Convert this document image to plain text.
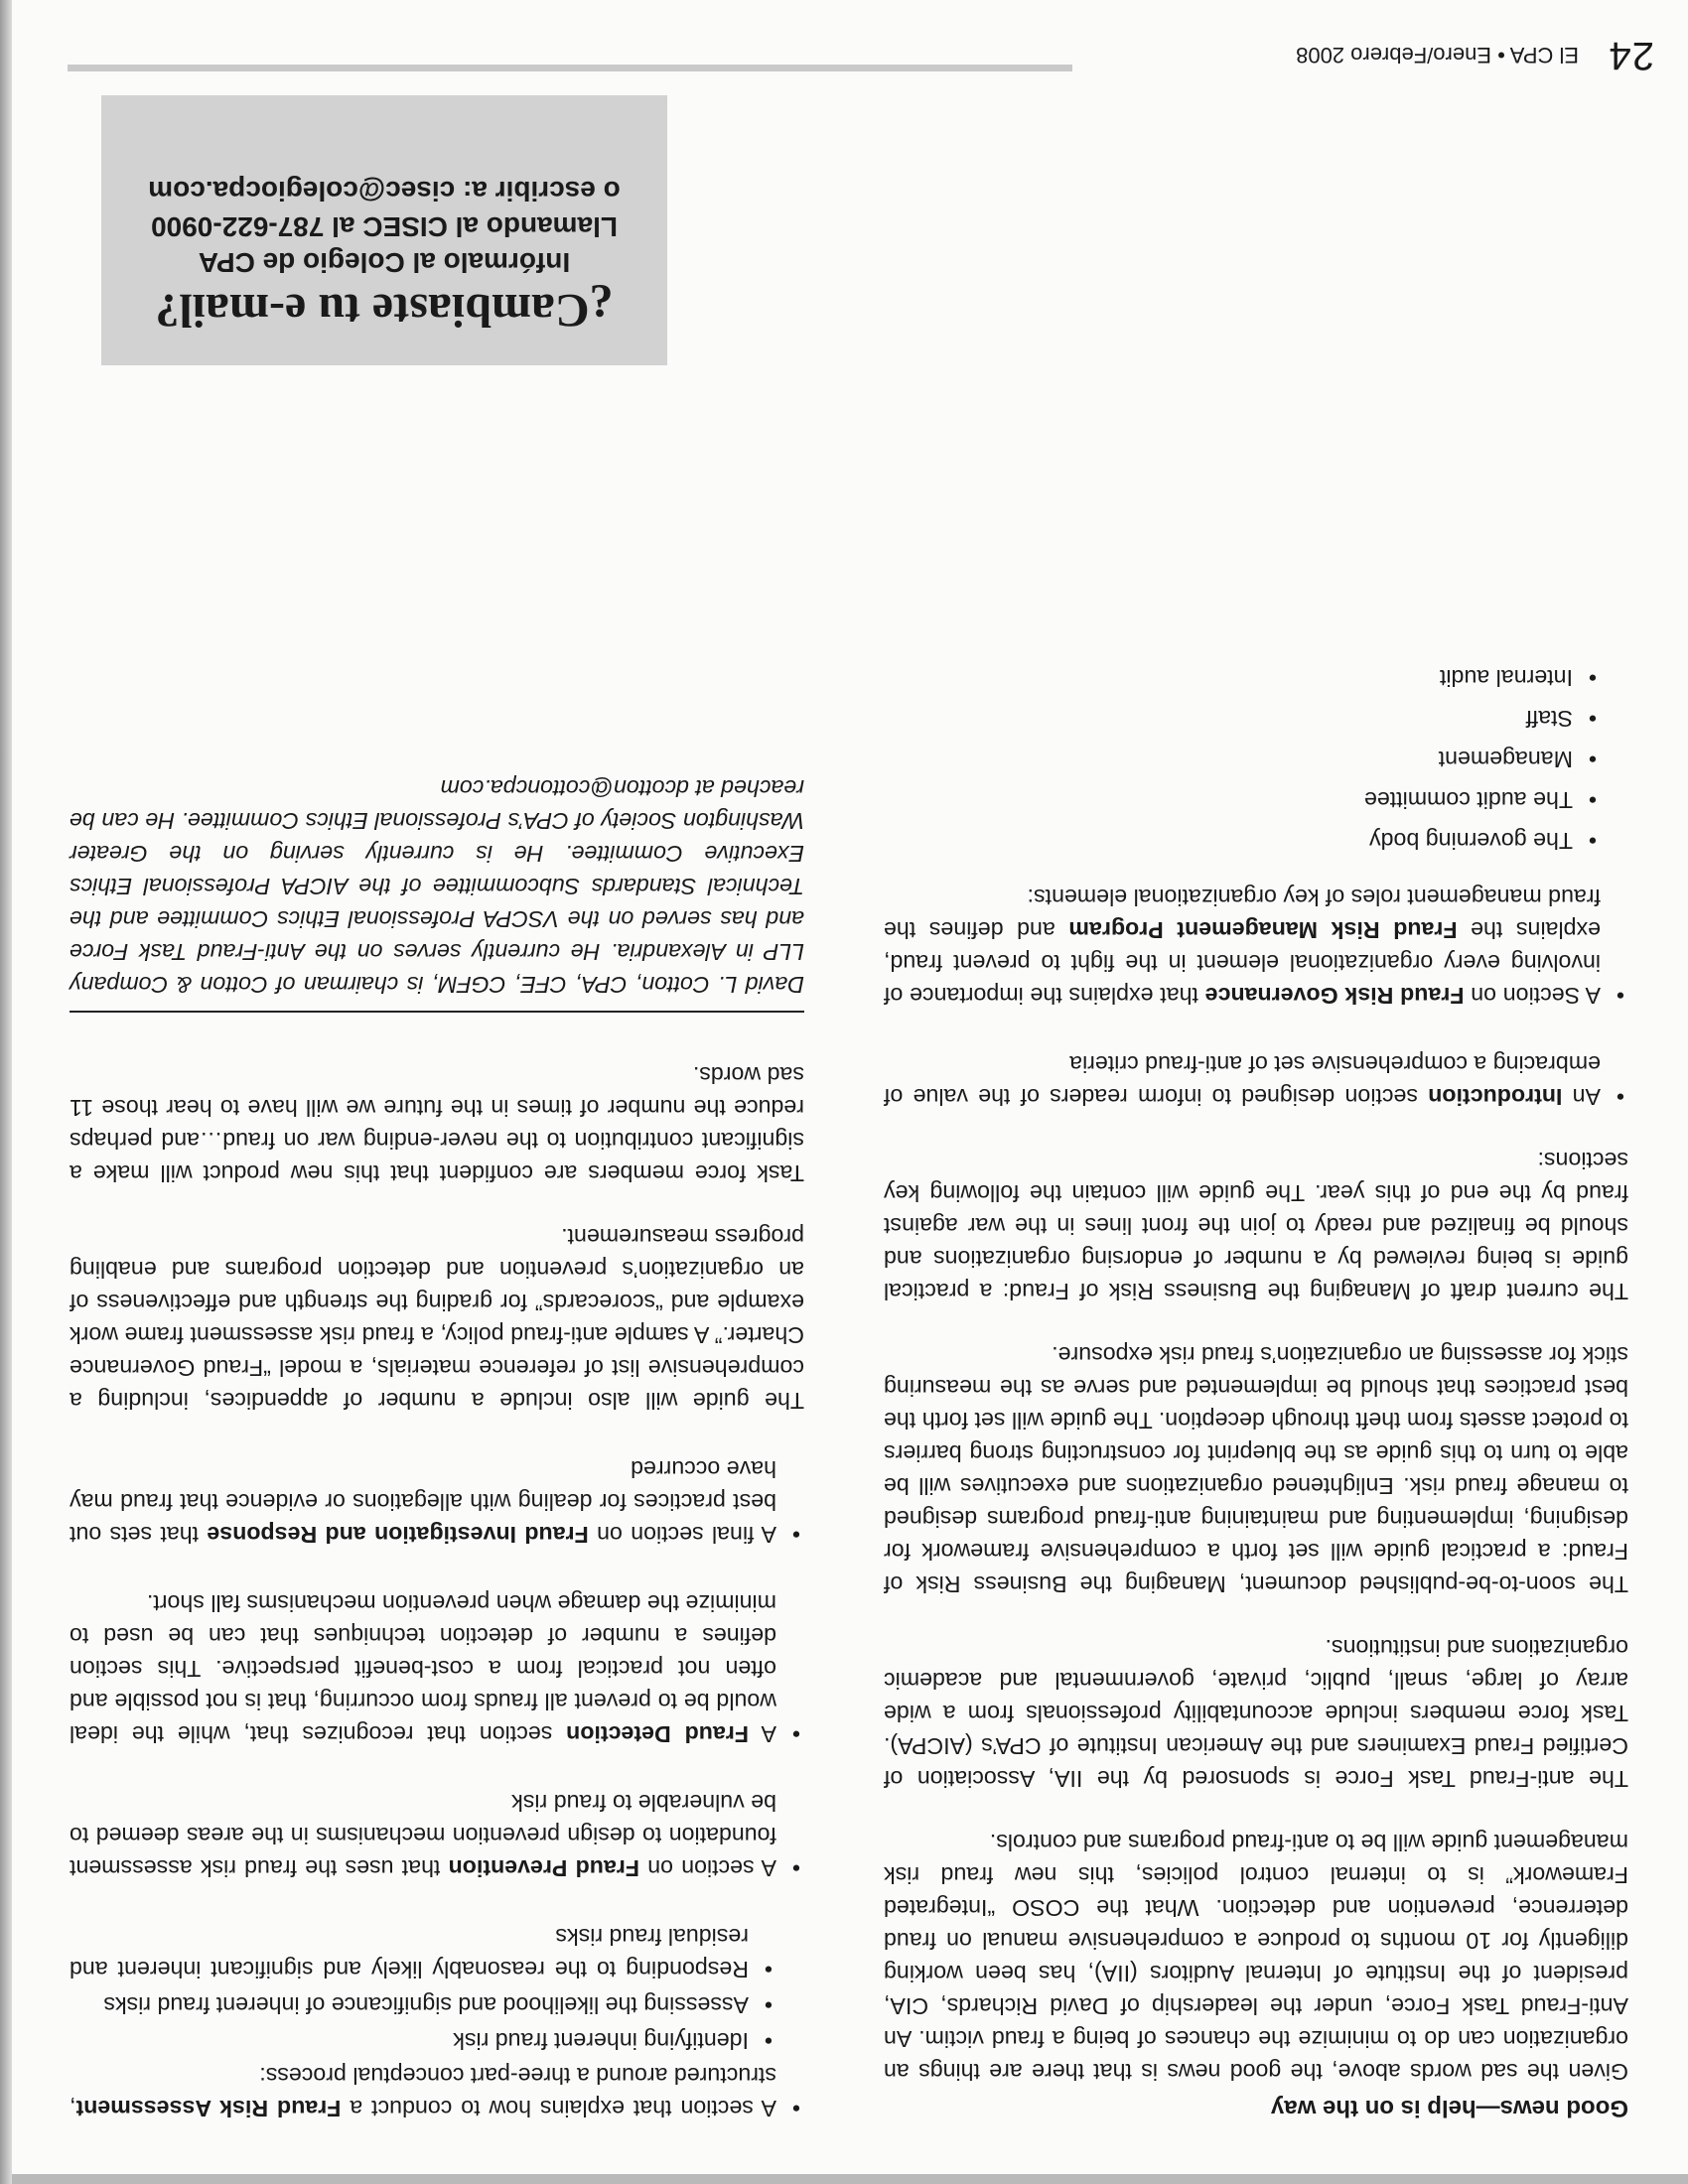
Good news—help is on the way

Given the sad words above, the good news is that there are things an organization can do to minimize the chances of being a fraud victim. An Anti-Fraud Task Force, under the leadership of David Richards, CIA, president of the Institute of Internal Auditors (IIA), has been working diligently for 10 months to produce a comprehensive manual on fraud deterrence, prevention and detection. What the COSO “Integrated Framework” is to internal control policies, this new fraud risk management guide will be to anti-fraud programs and controls.

The anti-Fraud Task Force is sponsored by the IIA, Association of Certified Fraud Examiners and the American Institute of CPA’s (AICPA). Task force members include accountability professionals from a wide array of large, small, public, private, governmental and academic organizations and institutions.

The soon-to-be-published document, Managing the Business Risk of Fraud: a practical guide will set forth a comprehensive framework for designing, implementing and maintaining anti-fraud programs designed to manage fraud risk. Enlightened organizations and executives will be able to turn to this guide as the blueprint for constructing strong barriers to protect assets from theft through deception. The guide will set forth the best practices that should be implemented and serve as the measuring stick for assessing an organization’s fraud risk exposure.

The current draft of Managing the Business Risk of Fraud: a practical guide is being reviewed by a number of endorsing organizations and should be finalized and ready to join the front lines in the war against fraud by the end of this year. The guide will contain the following key sections:

• An Introduction section designed to inform readers of the value of embracing a comprehensive set of anti-fraud criteria
• A Section on Fraud Risk Governance that explains the importance of involving every organizational element in the fight to prevent fraud, explains the Fraud Risk Management Program and defines the fraud management roles of key organizational elements:
• The governing body
• The audit committee
• Management
• Staff
• Internal audit
• A section that explains how to conduct a Fraud Risk Assessment, structured around a three-part conceptual process:
• Identifying inherent fraud risk
• Assessing the likelihood and significance of inherent fraud risks
• Responding to the reasonably likely and significant inherent and residual fraud risks
• A section on Fraud Prevention that uses the fraud risk assessment foundation to design prevention mechanisms in the areas deemed to be vulnerable to fraud risk
• A Fraud Detection section that recognizes that, while the ideal would be to prevent all frauds from occurring, that is not possible and often not practical from a cost-benefit perspective. This section defines a number of detection techniques that can be used to minimize the damage when prevention mechanisms fall short.
• A final section on Fraud Investigation and Response that sets out best practices for dealing with allegations or evidence that fraud may have occurred

The guide will also include a number of appendices, including a comprehensive list of reference materials, a model “Fraud Governance Charter.” A sample anti-fraud policy, a fraud risk assessment frame work example and “scorecards” for grading the strength and effectiveness of an organization’s prevention and detection programs and enabling progress measurement.

Task force members are confident that this new product will make a significant contribution to the never-ending war on fraud…and perhaps reduce the number of times in the future we will have to hear those 11 sad words.

David L. Cotton, CPA, CFE, CGFM, is chairman of Cotton & Company LLP in Alexandria. He currently serves on the Anti-Fraud Task Force and has served on the VSCPA Professional Ethics Committee and the Technical Standards Subcommittee of the AICPA Professional Ethics Executive Committee. He is currently serving on the Greater Washington Society of CPA’s Professional Ethics Committee. He can be reached at dcotton@cottoncpa.com
¿Cambiaste tu e-mail?
Infórmalo al Colegio de CPA
Llamando al CISEC al 787-622-0900
o escribir a: cisec@colegiocpa.com
24
El CPA • Enero/Febrero 2008
